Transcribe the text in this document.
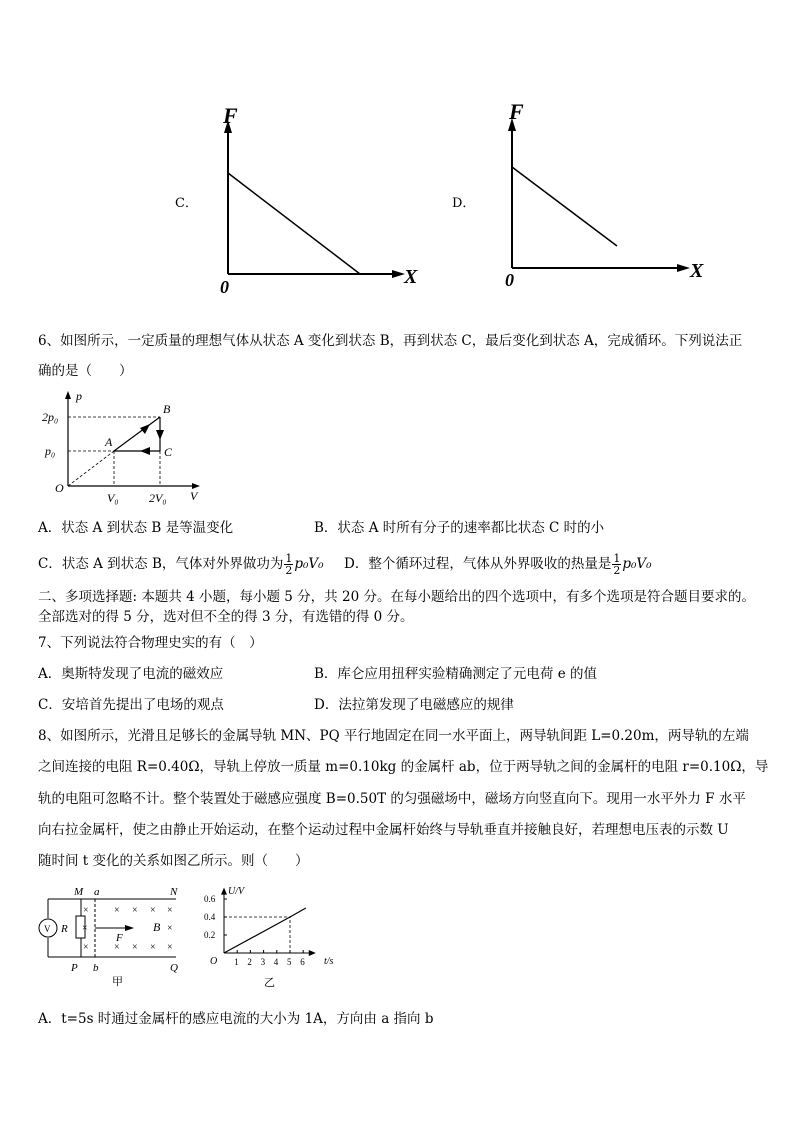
C．
F
X
0
D．
F
X
0
6、如图所示，一定质量的理想气体从状态 A 变化到状态 B，再到状态 C，最后变化到状态 A，完成循环。下列说法正
确的是（　　）
p
V
O
2p₀
p₀
V₀	2V₀
A
B
C
A．状态 A 到状态 B 是等温变化	B．状态 A 时所有分子的速率都比状态 C 时的小
C．状态 A 到状态 B，气体对外界做功为 $\frac{1}{2} p_0V_0$ D．整个循环过程，气体从外界吸收的热量是 $\frac{1}{2} p_0V_0$
二、多项选择题: 本题共 4 小题，每小题 5 分，共 20 分。在每小题给出的四个选项中，有多个选项是符合题目要求的。
全部选对的得 5 分，选对但不全的得 3 分，有选错的得 0 分。
7、下列说法符合物理史实的有（　）
A．奥斯特发现了电流的磁效应	B．库仑应用扭秤实验精确测定了元电荷 e 的值
C．安培首先提出了电场的观点	D．法拉第发现了电磁感应的规律
8、如图所示，光滑且足够长的金属导轨 MN、PQ 平行地固定在同一水平面上，两导轨间距 L=0.20m，两导轨的左端
之间连接的电阻 R=0.40Ω，导轨上停放一质量 m=0.10kg 的金属杆 ab，位于两导轨之间的金属杆的电阻 r=0.10Ω，导
轨的电阻可忽略不计。整个装置处于磁感应强度 B=0.50T 的匀强磁场中，磁场方向竖直向下。现用一水平外力 F 水平
向右拉金属杆，使之由静止开始运动，在整个运动过程中金属杆始终与导轨垂直并接触良好，若理想电压表的示数 U
随时间 t 变化的关系如图乙所示。则（　　）
× × × ×
×	×
× × × ×
×
×
M a	N
P b	Q
R
V	B
F
甲
0.6
0.4
0.2
1 2 3 4 5 6
U/V
t/s
O
乙
A．t=5s 时通过金属杆的感应电流的大小为 1A，方向由 a 指向 b
